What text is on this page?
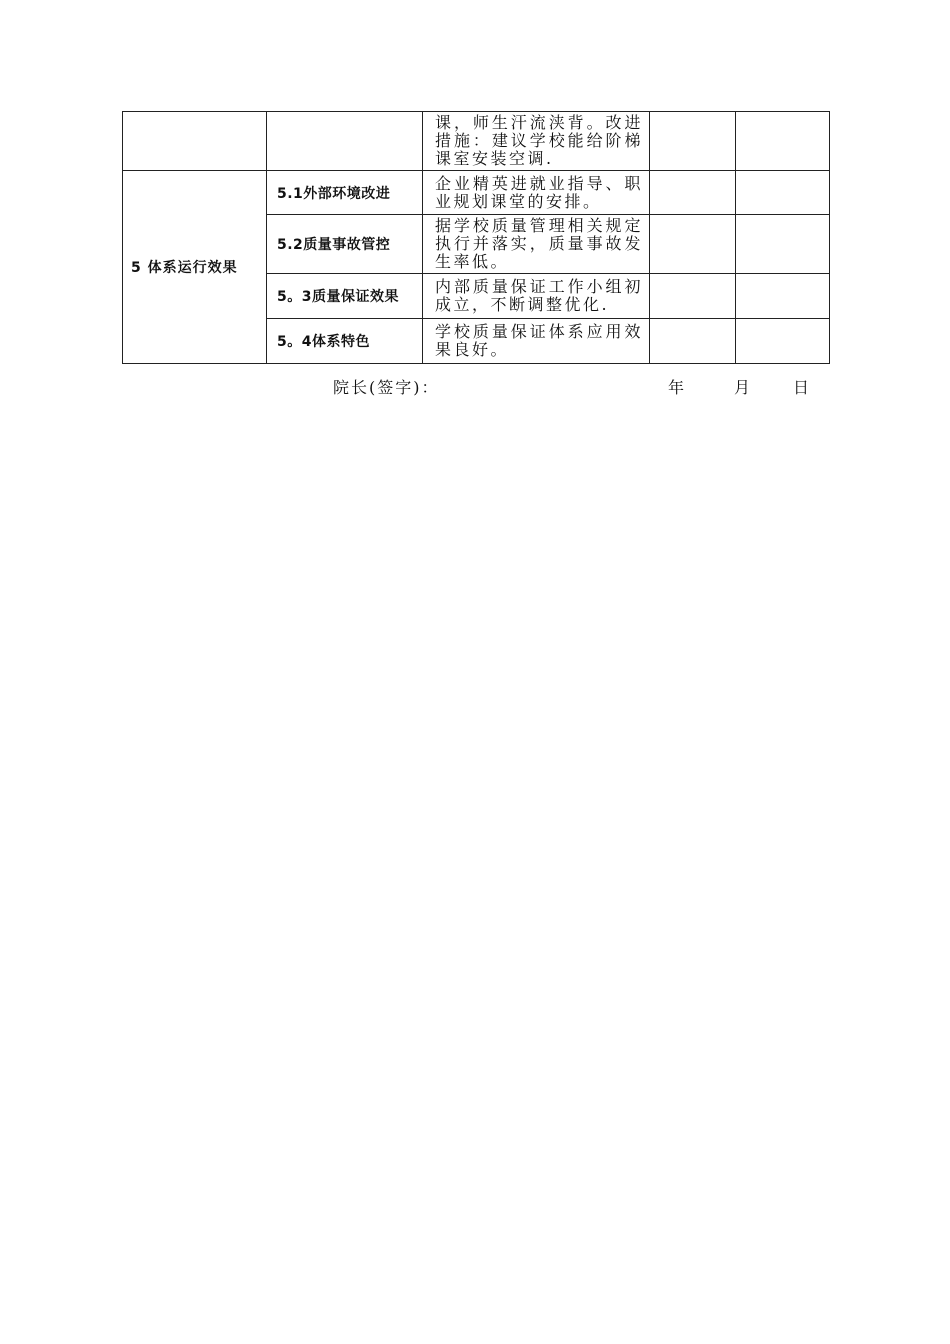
		课，师生汗流浃背。改进措施：建议学校能给阶梯课室安装空调.		
5 体系运行效果	5.1外部环境改进	企业精英进就业指导、职业规划课堂的安排。		
	5.2质量事故管控	据学校质量管理相关规定执行并落实，质量事故发生率低。		
	5。3质量保证效果	内部质量保证工作小组初成立，不断调整优化.		
	5。4体系特色	学校质量保证体系应用效果良好。		
院长(签字)：	年	月	日
